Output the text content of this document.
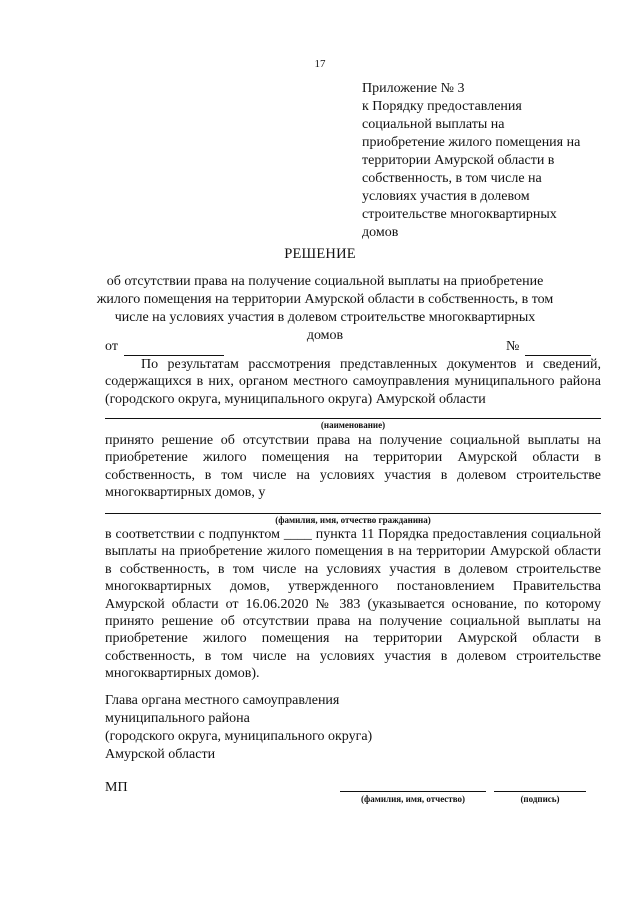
17
Приложение № 3
к Порядку предоставления
социальной выплаты на
приобретение жилого помещения на
территории Амурской области в
собственность, в том числе на
условиях участия в долевом
строительстве многоквартирных
домов
РЕШЕНИЕ
об отсутствии права на получение социальной выплаты на приобретение
жилого помещения на территории Амурской области в собственность, в том
числе на условиях участия в долевом строительстве многоквартирных домов
от	№

По результатам рассмотрения представленных документов и сведений, содержащихся в них, органом местного самоуправления муниципального района (городского округа, муниципального округа) Амурской области

(наименование)

принято решение об отсутствии права на получение социальной выплаты на приобретение жилого помещения на территории Амурской области в собственность, в том числе на условиях участия в долевом строительстве многоквартирных домов, у

(фамилия, имя, отчество гражданина)

в соответствии с подпунктом ____ пункта 11 Порядка предоставления социальной выплаты на приобретение жилого помещения в на территории Амурской области в собственность, в том числе на условиях участия в долевом строительстве многоквартирных домов, утвержденного постановлением Правительства Амурской области от 16.06.2020 № 383 (указывается основание, по которому принято решение об отсутствии права на получение социальной выплаты на приобретение жилого помещения на территории Амурской области в собственность, в том числе на условиях участия в долевом строительстве многоквартирных домов).

Глава органа местного самоуправления
муниципального района
(городского округа, муниципального округа)
Амурской области
МП
(фамилия, имя, отчество)	(подпись)
